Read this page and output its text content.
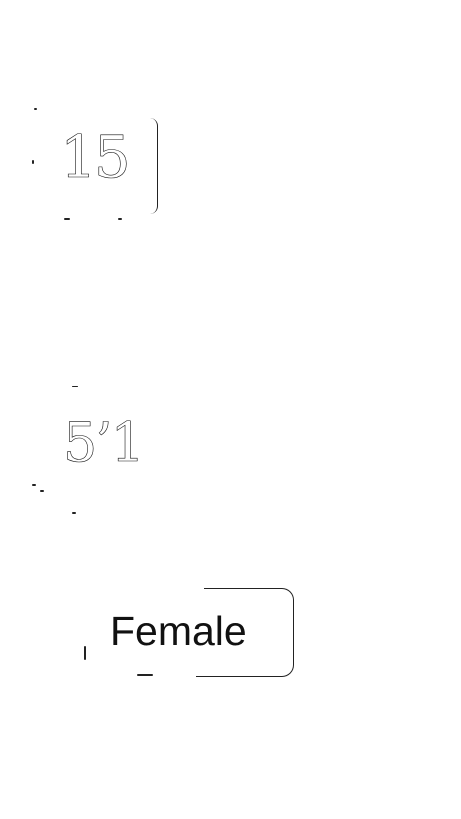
15
5’1
Female
